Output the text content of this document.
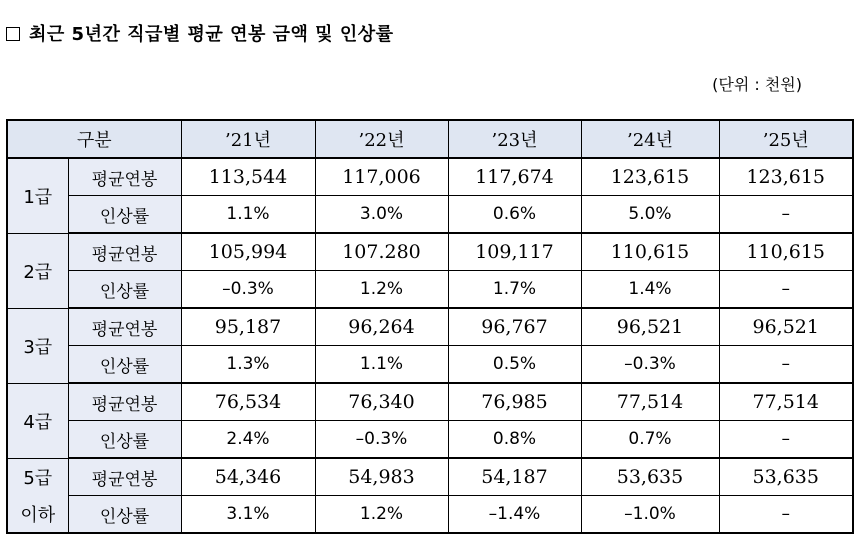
최근 5년간 직급별 평균 연봉 금액 및 인상률
(단위 : 천원)
구분		’21년	’22년	’23년	’24년	’25년
1급	평균연봉	113,544	117,006	117,674	123,615	123,615
	인상률	1.1%	3.0%	0.6%	5.0%	–
2급	평균연봉	105,994	107.280	109,117	110,615	110,615
	인상률	–0.3%	1.2%	1.7%	1.4%	–
3급	평균연봉	95,187	96,264	96,767	96,521	96,521
	인상률	1.3%	1.1%	0.5%	–0.3%	–
4급	평균연봉	76,534	76,340	76,985	77,514	77,514
	인상률	2.4%	–0.3%	0.8%	0.7%	–
5급	평균연봉	54,346	54,983	54,187	53,635	53,635
이하	인상률	3.1%	1.2%	–1.4%	–1.0%	–
